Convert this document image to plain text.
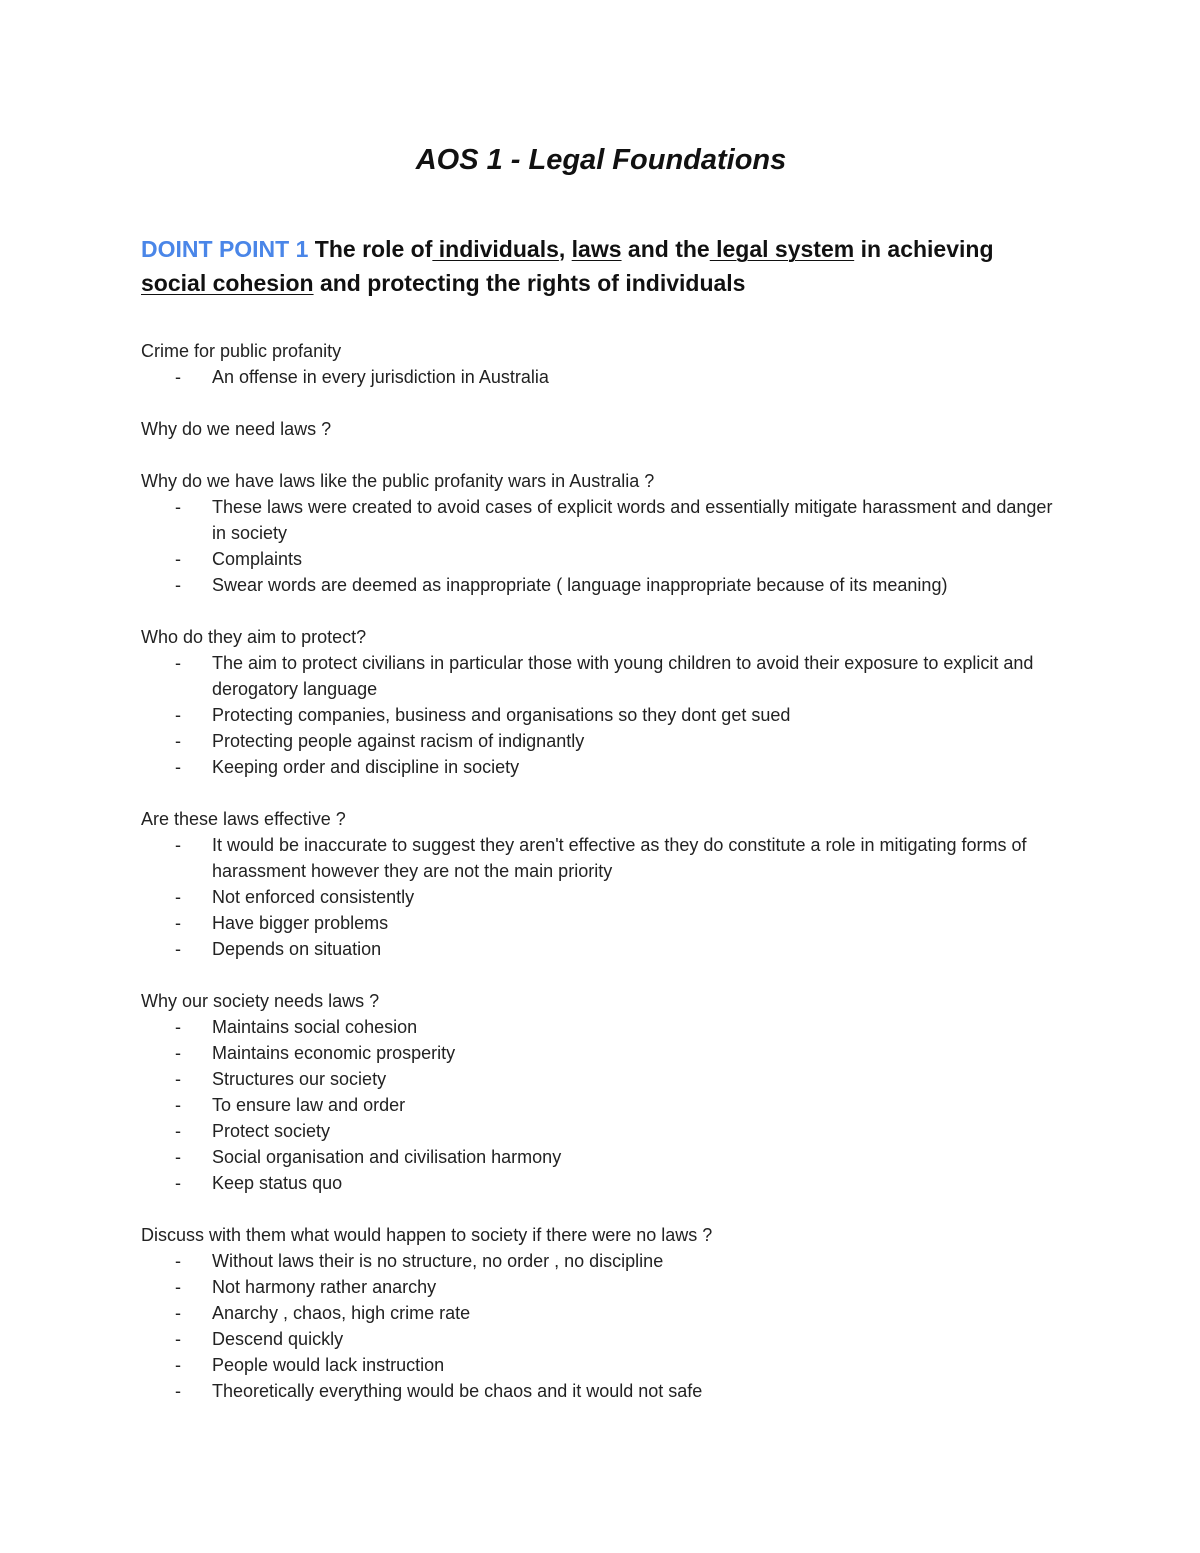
AOS 1 - Legal Foundations

DOINT POINT 1 The role of individuals, laws and the legal system in achieving social cohesion and protecting the rights of individuals

Crime for public profanity

- An offense in every jurisdiction in Australia

Why do we need laws ?

Why do we have laws like the public profanity wars in Australia ?

- These laws were created to avoid cases of explicit words and essentially mitigate harassment and danger in society
- Complaints
- Swear words are deemed as inappropriate ( language inappropriate because of its meaning)

Who do they aim to protect?

- The aim to protect civilians in particular those with young children to avoid their exposure to explicit and derogatory language
- Protecting companies, business and organisations so they dont get sued
- Protecting people against racism of indignantly
- Keeping order and discipline in society

Are these laws effective ?

- It would be inaccurate to suggest they aren't effective as they do constitute a role in mitigating forms of harassment however they are not the main priority
- Not enforced consistently
- Have bigger problems
- Depends on situation

Why our society needs laws ?

- Maintains social cohesion
- Maintains economic prosperity
- Structures our society
- To ensure law and order
- Protect society
- Social organisation and civilisation harmony
- Keep status quo

Discuss with them what would happen to society if there were no laws ?

- Without laws their is no structure, no order , no discipline
- Not harmony rather anarchy
- Anarchy , chaos, high crime rate
- Descend quickly
- People would lack instruction
- Theoretically everything would be chaos and it would not safe
